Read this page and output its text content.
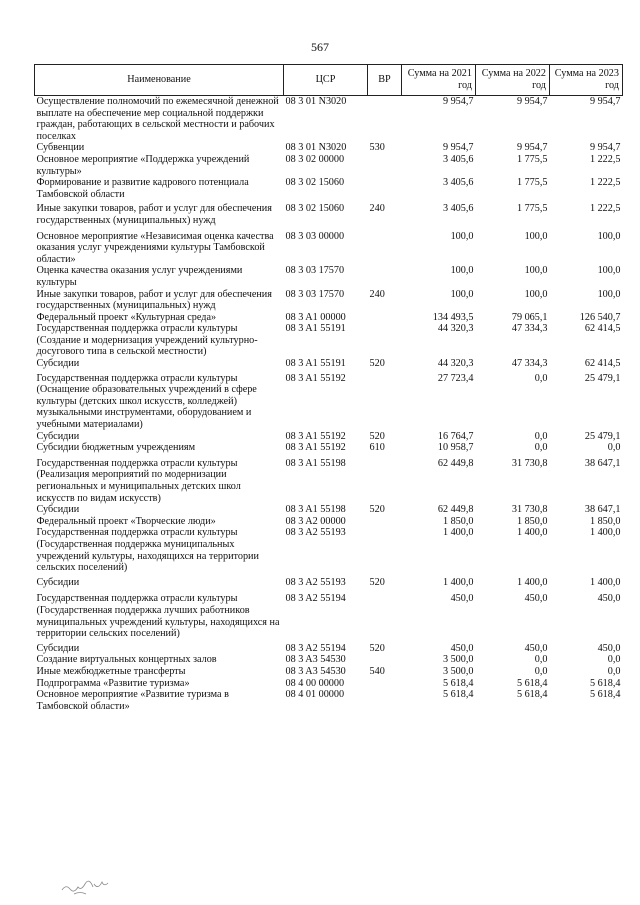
567
Наименование	ЦСР	ВР	Сумма на 2021 год	Сумма на 2022 год	Сумма на 2023 год
Осуществление полномочий по ежемесячной денежной выплате на обеспечение мер социальной поддержки граждан, работающих в сельской местности и рабочих поселках	08 3 01 N3020		9 954,7	9 954,7	9 954,7
Субвенции	08 3 01 N3020	530	9 954,7	9 954,7	9 954,7
Основное мероприятие «Поддержка учреждений культуры»	08 3 02 00000		3 405,6	1 775,5	1 222,5
Формирование и развитие кадрового потенциала Тамбовской области	08 3 02 15060		3 405,6	1 775,5	1 222,5
Иные закупки товаров, работ и услуг для обеспечения государственных (муниципальных) нужд	08 3 02 15060	240	3 405,6	1 775,5	1 222,5
Основное мероприятие «Независимая оценка качества оказания услуг учреждениями культуры Тамбовской области»	08 3 03 00000		100,0	100,0	100,0
Оценка качества оказания услуг учреждениями культуры	08 3 03 17570		100,0	100,0	100,0
Иные закупки товаров, работ и услуг для обеспечения государственных (муниципальных) нужд	08 3 03 17570	240	100,0	100,0	100,0
Федеральный проект «Культурная среда»	08 3 A1 00000		134 493,5	79 065,1	126 540,7
Государственная поддержка отрасли культуры (Создание и модернизация учреждений культурно-досугового типа в сельской местности)	08 3 A1 55191		44 320,3	47 334,3	62 414,5
Субсидии	08 3 A1 55191	520	44 320,3	47 334,3	62 414,5
Государственная поддержка отрасли культуры (Оснащение образовательных учреждений в сфере культуры (детских школ искусств, колледжей) музыкальными инструментами, оборудованием и учебными материалами)	08 3 A1 55192		27 723,4	0,0	25 479,1
Субсидии	08 3 A1 55192	520	16 764,7	0,0	25 479,1
Субсидии бюджетным учреждениям	08 3 A1 55192	610	10 958,7	0,0	0,0
Государственная поддержка отрасли культуры (Реализация мероприятий по модернизации региональных и муниципальных детских школ искусств по видам искусств)	08 3 A1 55198		62 449,8	31 730,8	38 647,1
Субсидии	08 3 A1 55198	520	62 449,8	31 730,8	38 647,1
Федеральный проект «Творческие люди»	08 3 A2 00000		1 850,0	1 850,0	1 850,0
Государственная поддержка отрасли культуры (Государственная поддержка муниципальных учреждений культуры, находящихся на территории сельских поселений)	08 3 A2 55193		1 400,0	1 400,0	1 400,0
Субсидии	08 3 A2 55193	520	1 400,0	1 400,0	1 400,0
Государственная поддержка отрасли культуры (Государственная поддержка лучших работников муниципальных учреждений культуры, находящихся на территории сельских поселений)	08 3 A2 55194		450,0	450,0	450,0
Субсидии	08 3 A2 55194	520	450,0	450,0	450,0
Создание виртуальных концертных залов	08 3 A3 54530		3 500,0	0,0	0,0
Иные межбюджетные трансферты	08 3 A3 54530	540	3 500,0	0,0	0,0
Подпрограмма «Развитие туризма»	08 4 00 00000		5 618,4	5 618,4	5 618,4
Основное мероприятие «Развитие туризма в Тамбовской области»	08 4 01 00000		5 618,4	5 618,4	5 618,4
